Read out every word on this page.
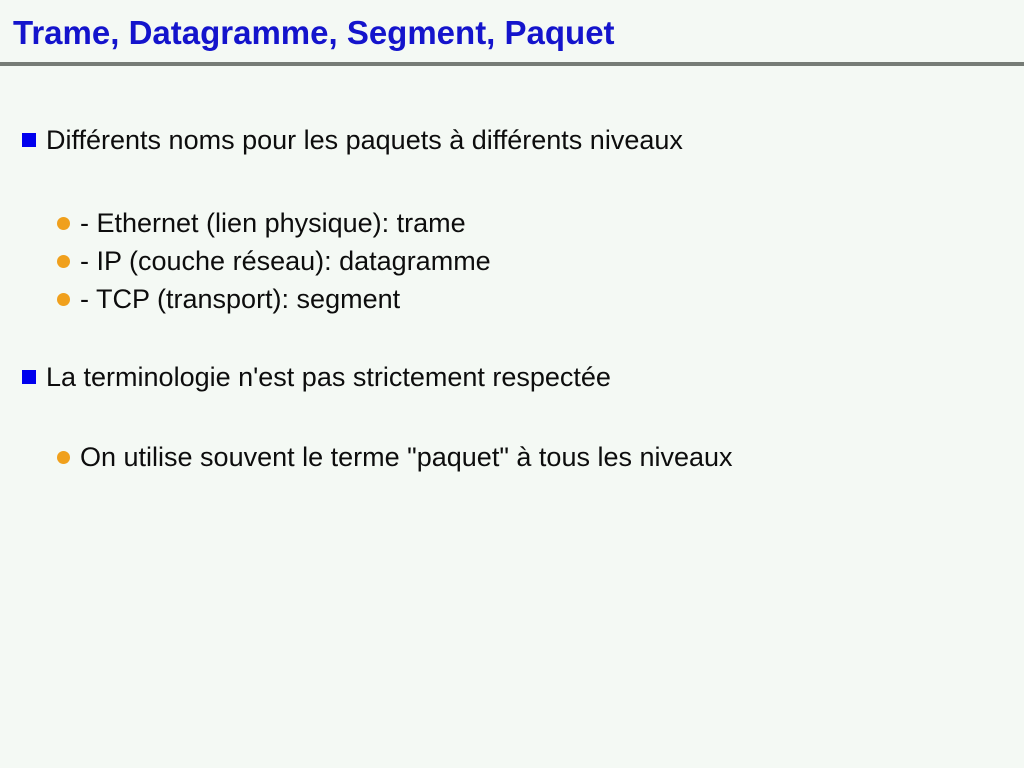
Trame, Datagramme, Segment, Paquet
Différents noms pour les paquets à différents niveaux
- Ethernet (lien physique): trame
- IP (couche réseau): datagramme
- TCP (transport): segment
La terminologie n'est pas strictement respectée
On utilise souvent le terme "paquet" à tous les niveaux
